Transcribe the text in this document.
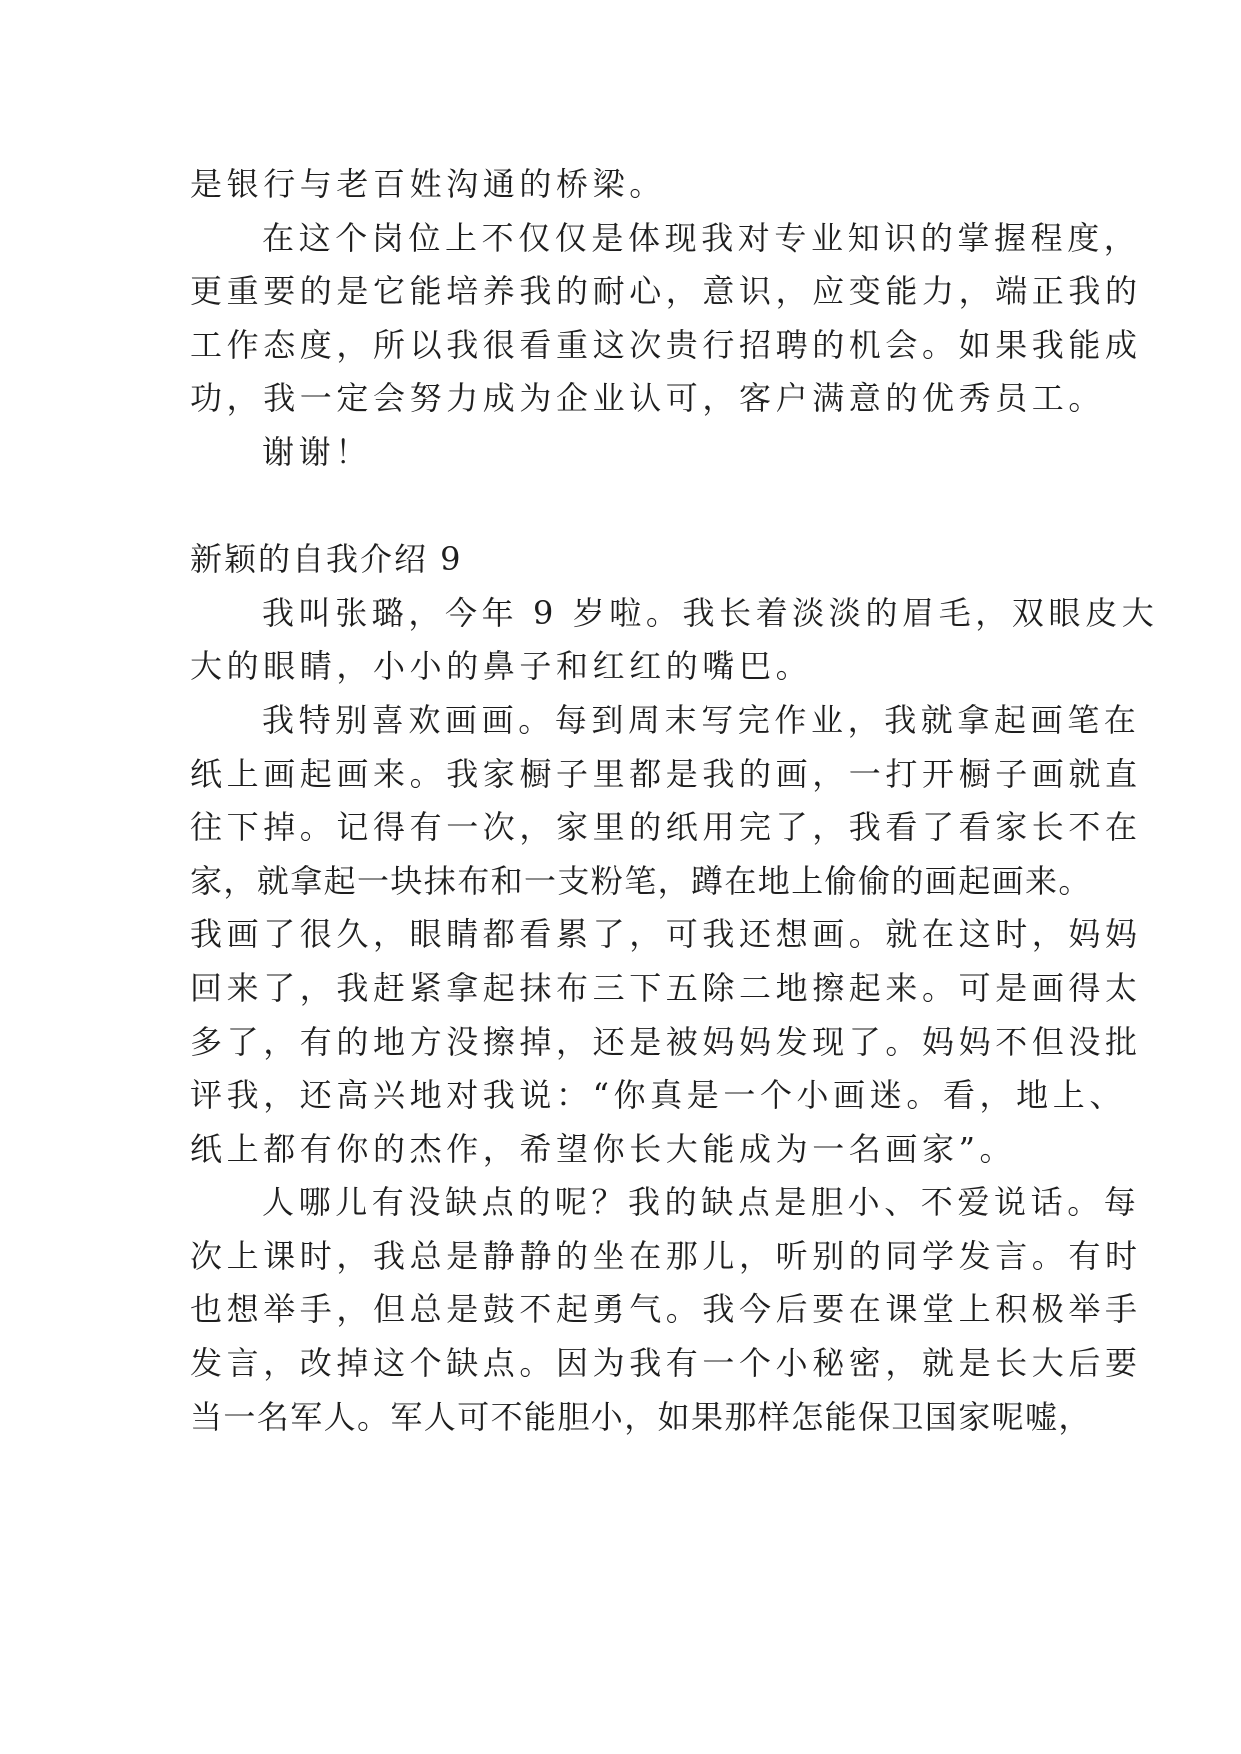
是银行与老百姓沟通的桥梁。
在这个岗位上不仅仅是体现我对专业知识的掌握程度，
更重要的是它能培养我的耐心，意识，应变能力，端正我的
工作态度，所以我很看重这次贵行招聘的机会。如果我能成
功，我一定会努力成为企业认可，客户满意的优秀员工。
谢谢！
新颖的自我介绍 9
我叫张璐，今年 9 岁啦。我长着淡淡的眉毛，双眼皮大
大的眼睛，小小的鼻子和红红的嘴巴。
我特别喜欢画画。每到周末写完作业，我就拿起画笔在
纸上画起画来。我家橱子里都是我的画，一打开橱子画就直
往下掉。记得有一次，家里的纸用完了，我看了看家长不在
家，就拿起一块抹布和一支粉笔，蹲在地上偷偷的画起画来。
我画了很久，眼睛都看累了，可我还想画。就在这时，妈妈
回来了，我赶紧拿起抹布三下五除二地擦起来。可是画得太
多了，有的地方没擦掉，还是被妈妈发现了。妈妈不但没批
评我，还高兴地对我说：“你真是一个小画迷。看，地上、
纸上都有你的杰作，希望你长大能成为一名画家”。
人哪儿有没缺点的呢？我的缺点是胆小、不爱说话。每
次上课时，我总是静静的坐在那儿，听别的同学发言。有时
也想举手，但总是鼓不起勇气。我今后要在课堂上积极举手
发言，改掉这个缺点。因为我有一个小秘密，就是长大后要
当一名军人。军人可不能胆小，如果那样怎能保卫国家呢嘘，
